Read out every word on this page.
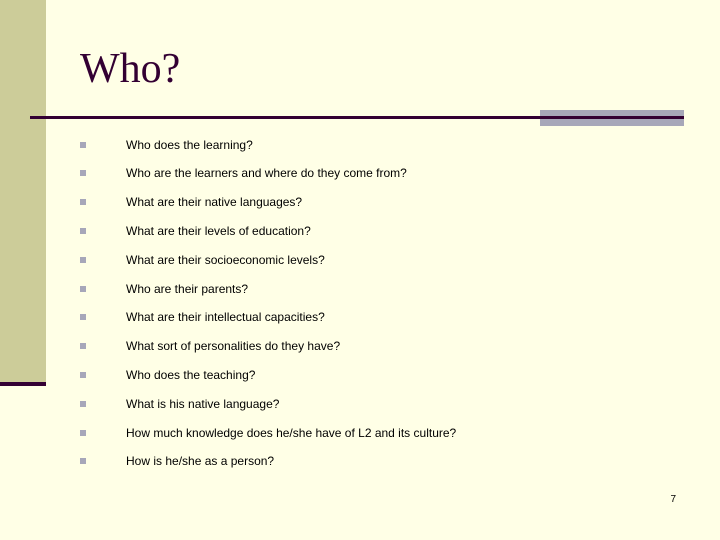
Who?
Who does the learning?
Who are the learners and where do they come from?
What are their native languages?
What are their levels of education?
What are their socioeconomic levels?
Who are their parents?
What are their intellectual capacities?
What sort of personalities do they have?
Who does the teaching?
What is his native language?
How much knowledge does he/she have of L2 and its culture?
How is he/she as a person?
7
